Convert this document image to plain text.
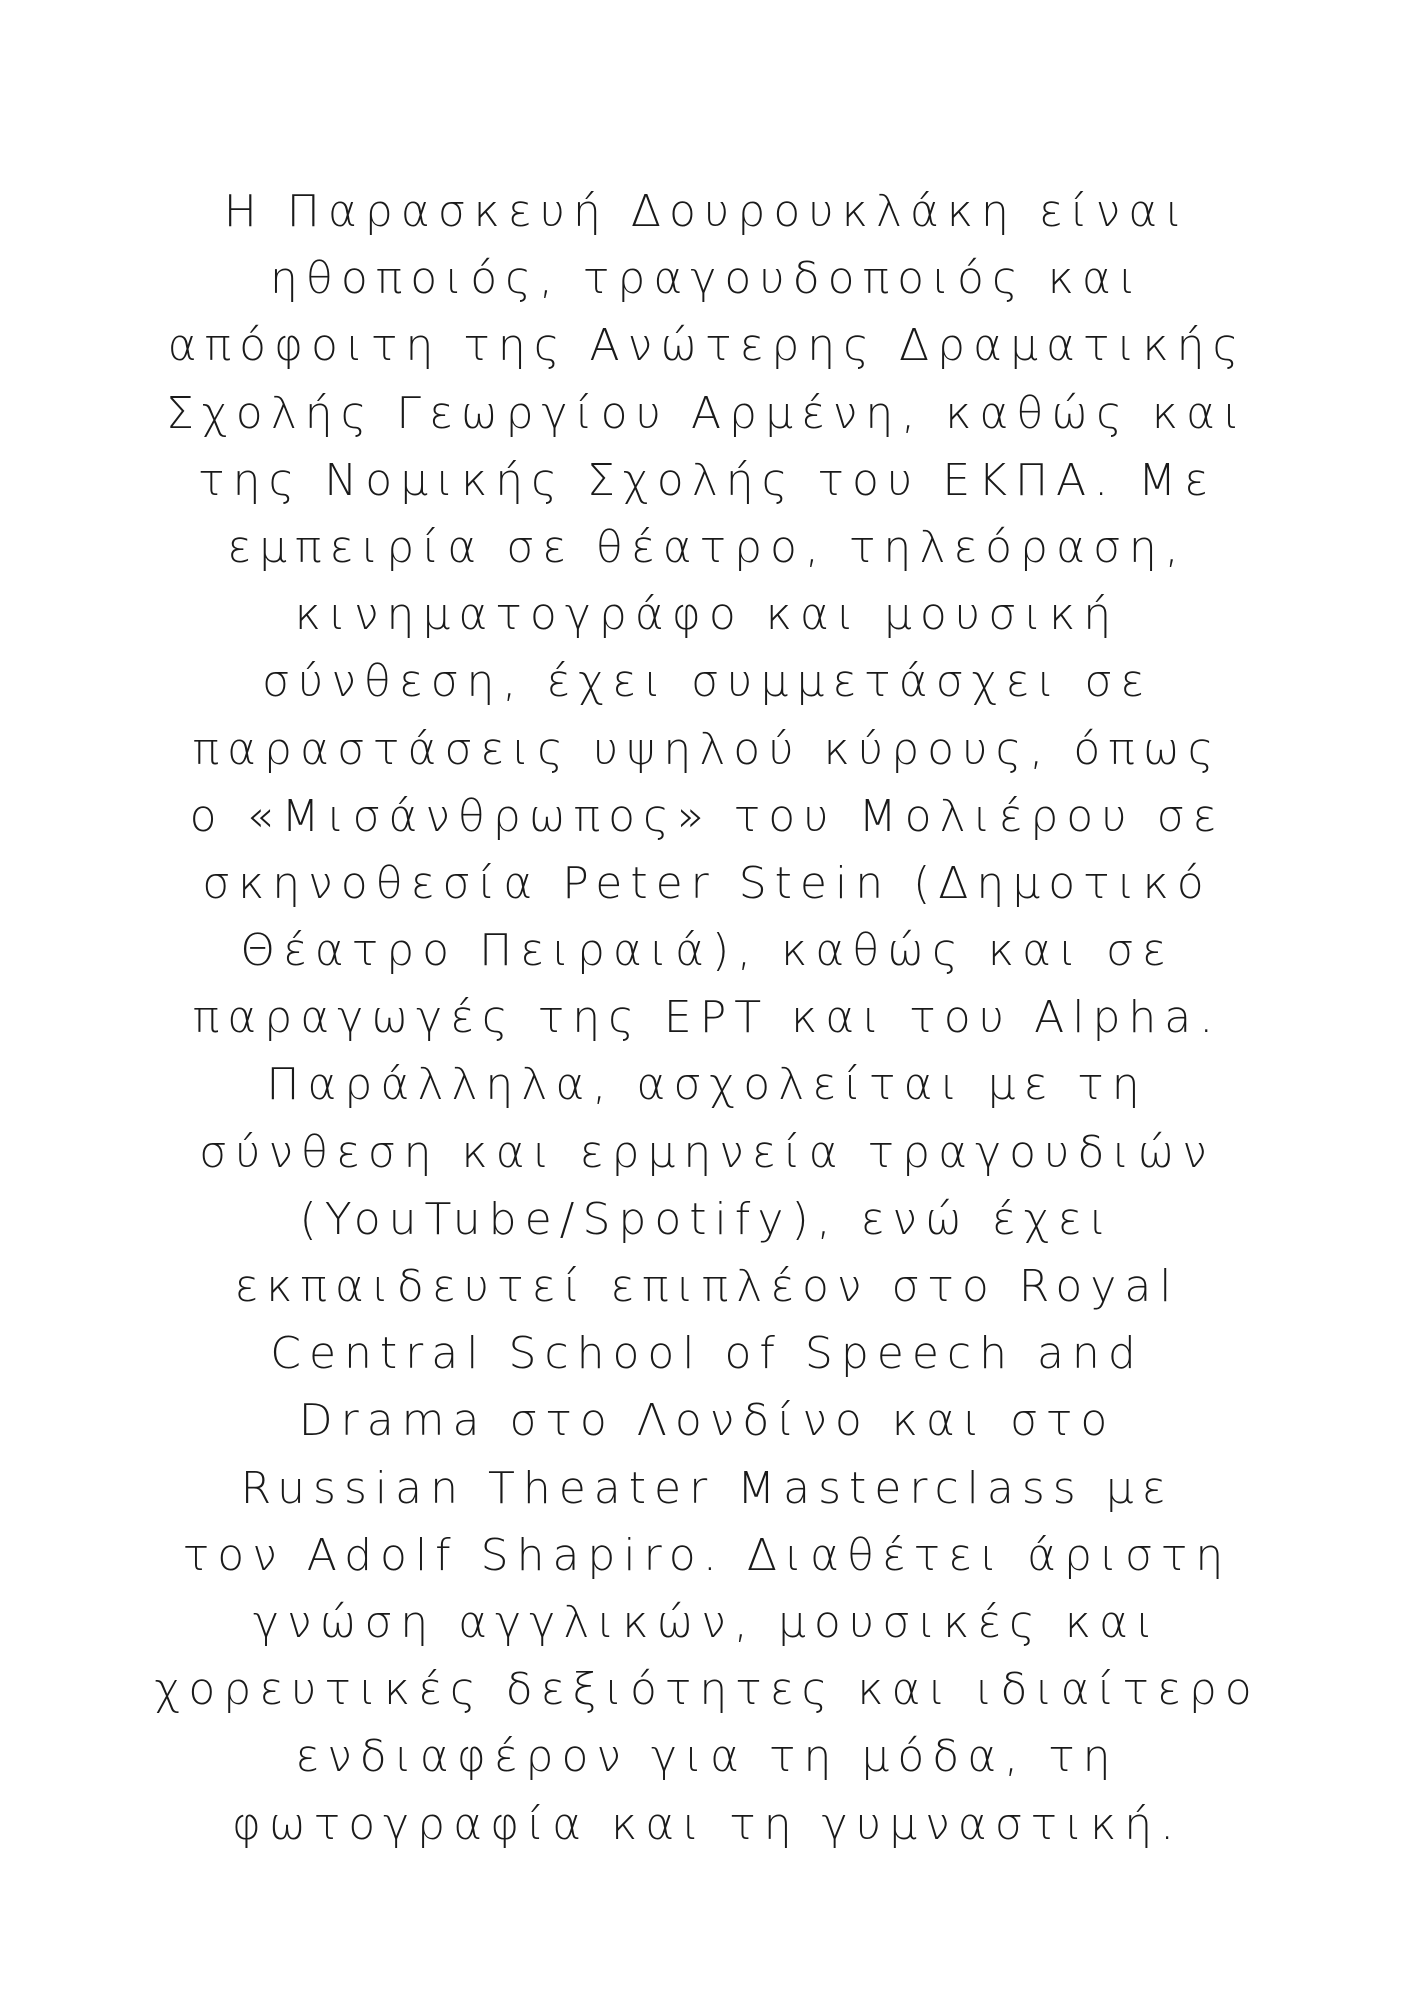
Η Παρασκευή Δουρουκλάκη είναι
ηθοποιός, τραγουδοποιός και
απόφοιτη της Ανώτερης Δραματικής
Σχολής Γεωργίου Αρμένη, καθώς και
της Νομικής Σχολής του ΕΚΠΑ. Με
εμπειρία σε θέατρο, τηλεόραση,
κινηματογράφο και μουσική
σύνθεση, έχει συμμετάσχει σε
παραστάσεις υψηλού κύρους, όπως
ο «Μισάνθρωπος» του Μολιέρου σε
σκηνοθεσία Peter Stein (Δημοτικό
Θέατρο Πειραιά), καθώς και σε
παραγωγές της ΕΡΤ και του Alpha.
Παράλληλα, ασχολείται με τη
σύνθεση και ερμηνεία τραγουδιών
(YouTube/Spotify), ενώ έχει
εκπαιδευτεί επιπλέον στο Royal
Central School of Speech and
Drama στο Λονδίνο και στο
Russian Theater Masterclass με
τον Adolf Shapiro. Διαθέτει άριστη
γνώση αγγλικών, μουσικές και
χορευτικές δεξιότητες και ιδιαίτερο
ενδιαφέρον για τη μόδα, τη
φωτογραφία και τη γυμναστική.
